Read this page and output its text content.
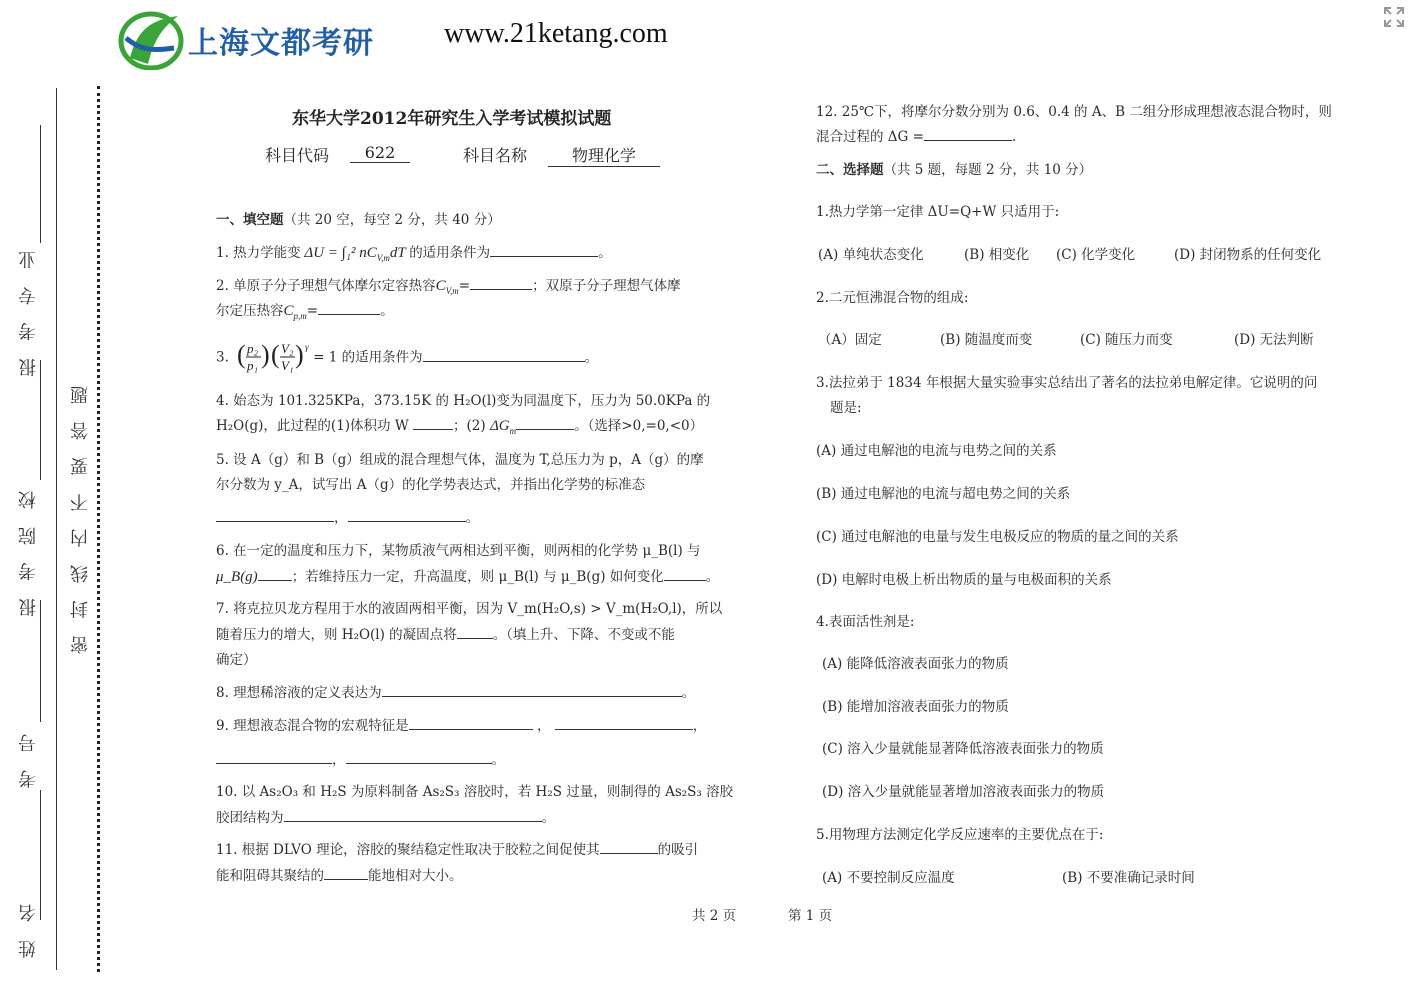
上海文都考研	www.21ketang.com
姓 名
考 号
报 考 院 校
报 考 专 业
密 封 线 内 不 要 答 题
东华大学2012年研究生入学考试模拟试题
科目代码	622	科目名称	物理化学
一、填空题（共 20 空，每空 2 分，共 40 分）
1. 热力学能变 ΔU = ∫₁² $nC_{V,m}dT$ 的适用条件为	。
2. 单原子分子理想气体摩尔定容热容$C_{V,m}=$	；双原子分子理想气体摩
尔定压热容$C_{p,m}=$	。
3. ( p₂
p₁ ) ( V₂
V₁ ) γ
= 1 的适用条件为	。
4. 始态为 101.325KPa，373.15K 的 H₂O(l)变为同温度下，压力为 50.0KPa 的
H₂O(g)，此过程的(1)体积功 W	；(2) $\Delta G_m$	。（选择>0,=0,<0）
5. 设 A（g）和 B（g）组成的混合理想气体，温度为 T,总压力为 p，A（g）的摩
尔分数为 y_A，试写出 A（g）的化学势表达式，并指出化学势的标准态
，	。
6. 在一定的温度和压力下，某物质液气两相达到平衡，则两相的化学势 μ_B(l) 与
μ_B(g)	；若维持压力一定，升高温度，则 μ_B(l) 与 μ_B(g) 如何变化	。
7. 将克拉贝龙方程用于水的液固两相平衡，因为 V_m(H₂O,s) > V_m(H₂O,l)，所以
随着压力的增大，则 H₂O(l) 的凝固点将	。（填上升、下降、不变或不能
确定）
8. 理想稀溶液的定义表达为	。
9. 理想液态混合物的宏观特征是	，	，
，	。
10. 以 As₂O₃ 和 H₂S 为原料制备 As₂S₃ 溶胶时，若 H₂S 过量，则制得的 As₂S₃ 溶胶
胶团结构为	。
11. 根据 DLVO 理论，溶胶的聚结稳定性取决于胶粒之间促使其	的吸引
能和阻碍其聚结的	能地相对大小。
12. 25℃下，将摩尔分数分别为 0.6、0.4 的 A、B 二组分形成理想液态混合物时，则
混合过程的 ΔG =	.
二、选择题（共 5 题，每题 2 分，共 10 分）
1.热力学第一定律 ΔU=Q+W 只适用于:
(A) 单纯状态变化	(B) 相变化 (C) 化学变化	(D) 封闭物系的任何变化
2.二元恒沸混合物的组成:
（A）固定	(B) 随温度而变	(C) 随压力而变	(D) 无法判断
3.法拉弟于 1834 年根据大量实验事实总结出了著名的法拉弟电解定律。它说明的问
题是:
(A) 通过电解池的电流与电势之间的关系
(B) 通过电解池的电流与超电势之间的关系
(C) 通过电解池的电量与发生电极反应的物质的量之间的关系
(D) 电解时电极上析出物质的量与电极面积的关系
4.表面活性剂是:
(A) 能降低溶液表面张力的物质
(B) 能增加溶液表面张力的物质
(C) 溶入少量就能显著降低溶液表面张力的物质
(D) 溶入少量就能显著增加溶液表面张力的物质
5.用物理方法测定化学反应速率的主要优点在于:
(A) 不要控制反应温度	(B) 不要准确记录时间
共 2 页	第 1 页
